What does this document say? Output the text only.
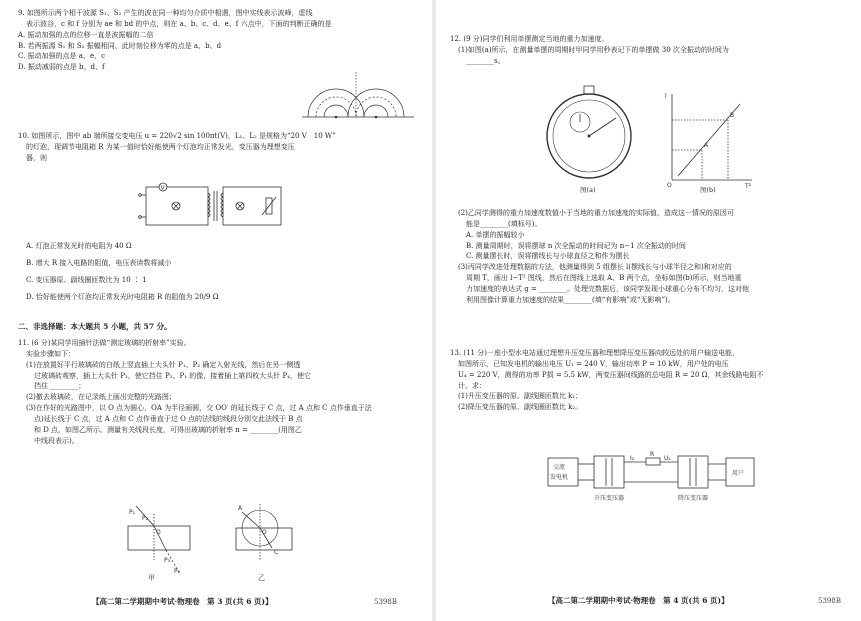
9. 如图所示两个相干波源 S₁、S₂ 产生的波在同一种均匀介质中相遇，图中实线表示波峰，虚线
表示波谷，c 和 f 分别为 ae 和 bd 的中点，则在 a、b、c、d、e、f 六点中，下面的判断正确的是
A. 振动加强的点的位移一直是波振幅的二倍
B. 若两振源 S₁ 和 S₂ 振幅相同，此时刻位移为零的点是 a、b、d
C. 振动加强的点是 a、e、c
D. 振动减弱的点是 b、d、f
10. 如图所示，图中 ab 端所接交变电压 u = 220√2 sin 100πt(V)，L₁、L₂ 是规格为“20 V　10 W”
的灯泡，现调节电阻箱 R 为某一值时恰好能使两个灯泡均正常发光，变压器为理想变压
器，则
V
A. 灯泡正常发光时的电阻为 40 Ω
B. 增大 R 接入电路的阻值，电压表读数将减小
C. 变压器原、副线圈匝数比为 10 ∶ 1
D. 恰好能使两个灯泡均正常发光时电阻箱 R 的阻值为 20/9 Ω
二、非选择题：本大题共 5 小题，共 57 分。
11. (6 分)某同学用插针法做“测定玻璃的折射率”实验。
实验步骤如下：
(1)在放置好平行玻璃砖的白纸上竖直插上大头针 P₁、P₂ 确定入射光线，然后在另一侧透
过玻璃砖观察，插上大头针 P₃，使它挡住 P₂、P₁ 的像，接着插上第四枚大头针 P₄，使它
挡住 ________；
(2)撤去玻璃砖，在记录纸上画出完整的光路图；
(3)在作好的光路图中，以 O 点为圆心，OA 为半径画圆，交 OO′ 的延长线于 C 点，过 A 点和 C 点作垂直于法
点)延长线于 C 点，过 A 点和 C 点作垂直于过 O 点的法线的线段分别交此法线于 B 点
和 D 点，如图乙所示。测量有关线段长度，可得出玻璃的折射率 n = ________(用图乙
中线段表示)。
P₁
P₂
P₃
P₄
O
A
O
C
甲	乙
【高二第二学期期中考试·物理卷　第 3 页(共 6 页)】	5398B
12. (9 分)同学们利用单摆测定当地的重力加速度。
(1)如图(a)所示，在测量单摆的周期时甲同学用秒表记下的单摆做 30 次全振动的时间为
________s。
l
T²
A
B
O
图(a)	图(b)
(2)乙同学测得的重力加速度数值小于当地的重力加速度的实际值，造成这一情况的原因可
能是________(填标号)。
A. 单摆的振幅较小
B. 测量周期时，误将摆球 n 次全振动的时间记为 n−1 次全振动的时间
C. 测量摆长时，误将摆线长与小球直径之和作为摆长
(3)丙同学改进处理数据的方法，他测量得到 5 组摆长 l(摆线长与小球半径之和)和对应的
周期 T，画出 l−T² 图线，然后在图线上选取 A、B 两个点，坐标如图(b)所示，则当地重
力加速度的表达式 g = ________。处理完数据后，该同学发现小球重心分布不均匀，这对他
利用图像计算重力加速度的结果________(填“有影响”或“无影响”)。
13. (11 分)一座小型水电站通过理想升压变压器和理想降压变压器向较远处的用户输送电能，
如图所示，已知发电机的输出电压 U₁ = 240 V，输出功率 P = 10 kW，用户处的电压
U₄ = 220 V，测得的功率 P损 = 5.5 kW，两变压器间线路的总电阻 R = 20 Ω，其余线路电阻不
计。求：
(1)升压变压器的原、副线圈匝数比 k₁；
(2)降压变压器的原、副线圈匝数比 k₂。
交流
发电机
用户
升压变压器	降压变压器
R
I₂	U₂
【高二第二学期期中考试·物理卷　第 4 页(共 6 页)】	5398B
